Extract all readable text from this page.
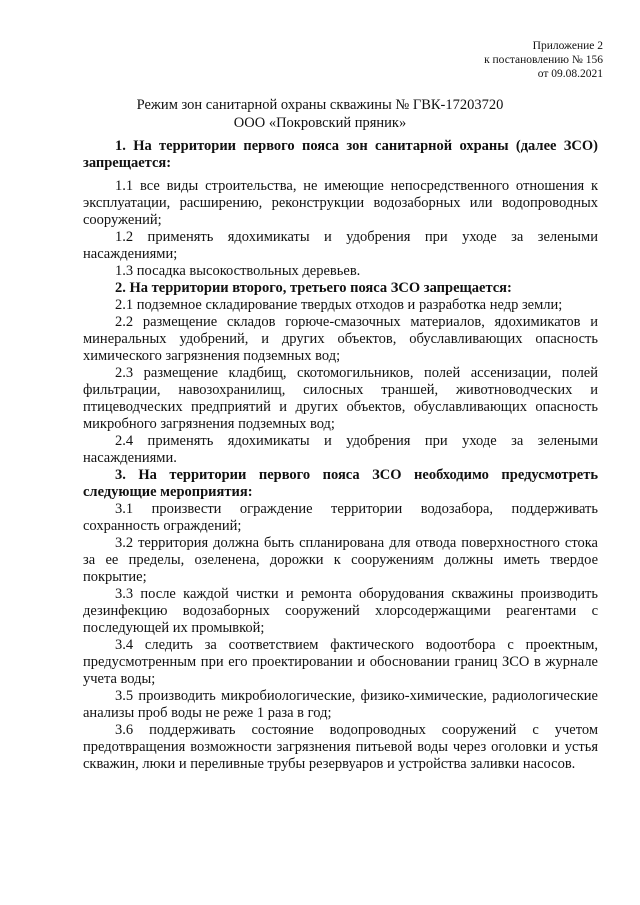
Приложение 2
к постановлению № 156
от 09.08.2021
Режим зон санитарной охраны скважины № ГВК-17203720
ООО «Покровский пряник»

1. На территории первого пояса зон санитарной охраны (далее ЗСО) запрещается:

1.1 все виды строительства, не имеющие непосредственного отношения к эксплуатации, расширению, реконструкции водозаборных или водопроводных сооружений;

1.2 применять ядохимикаты и удобрения при уходе за зелеными насаждениями;

1.3 посадка высокоствольных деревьев.

2. На территории второго, третьего пояса ЗСО запрещается:

2.1 подземное складирование твердых отходов и разработка недр земли;

2.2 размещение складов горюче-смазочных материалов, ядохимикатов и минеральных удобрений, и других объектов, обуславливающих опасность химического загрязнения подземных вод;

2.3 размещение кладбищ, скотомогильников, полей ассенизации, полей фильтрации, навозохранилищ, силосных траншей, животноводческих и птицеводческих предприятий и других объектов, обуславливающих опасность микробного загрязнения подземных вод;

2.4 применять ядохимикаты и удобрения при уходе за зелеными насаждениями.

3. На территории первого пояса ЗСО необходимо предусмотреть следующие мероприятия:

3.1 произвести ограждение территории водозабора, поддерживать сохранность ограждений;

3.2 территория должна быть спланирована для отвода поверхностного стока за ее пределы, озеленена, дорожки к сооружениям должны иметь твердое покрытие;

3.3 после каждой чистки и ремонта оборудования скважины производить дезинфекцию водозаборных сооружений хлорсодержащими реагентами с последующей их промывкой;

3.4 следить за соответствием фактического водоотбора с проектным, предусмотренным при его проектировании и обосновании границ ЗСО в журнале учета воды;

3.5 производить микробиологические, физико-химические, радиологические анализы проб воды не реже 1 раза в год;

3.6 поддерживать состояние водопроводных сооружений с учетом предотвращения возможности загрязнения питьевой воды через оголовки и устья скважин, люки и переливные трубы резервуаров и устройства заливки насосов.
